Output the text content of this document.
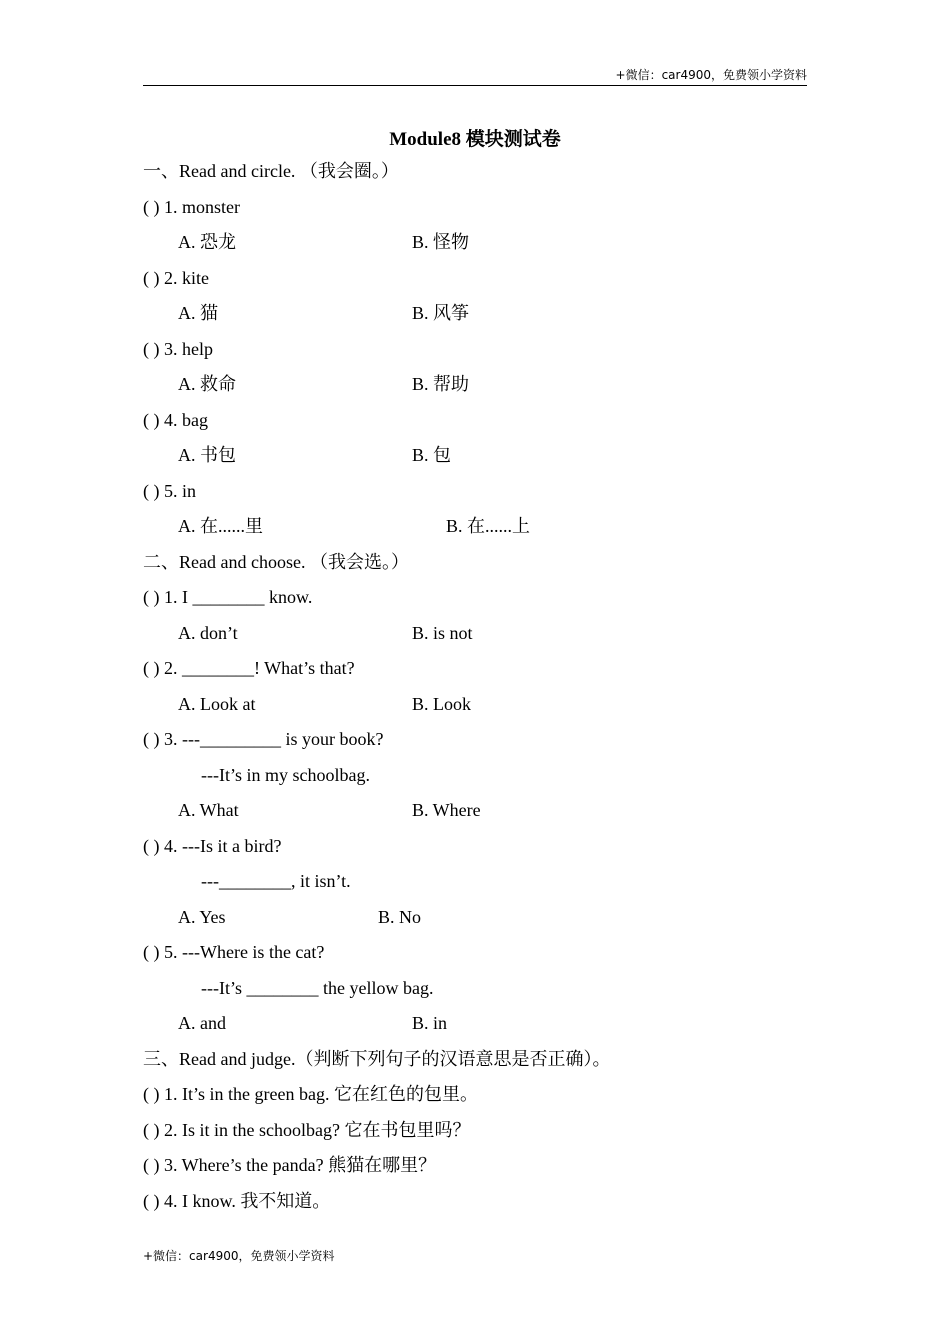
+微信：car4900，免费领小学资料
Module8 模块测试卷
一、Read and circle. （我会圈。）
( ) 1. monster
A. 恐龙	B. 怪物
( ) 2. kite
A. 猫	B. 风筝
( ) 3. help
A. 救命	B. 帮助
( ) 4. bag
A. 书包	B. 包
( ) 5. in
A. 在......里	B. 在......上
二、Read and choose. （我会选。）
( ) 1. I ________ know.
A. don’t	B. is not
( ) 2. ________! What’s that?
A. Look at	B. Look
( ) 3. ---_________ is your book?
---It’s in my schoolbag.
A. What	B. Where
( ) 4. ---Is it a bird?
---________, it isn’t.
A. Yes	B. No
( ) 5. ---Where is the cat?
---It’s ________ the yellow bag.
A. and	B. in
三、Read and judge.（判断下列句子的汉语意思是否正确）。
( ) 1. It’s in the green bag. 它在红色的包里。
( ) 2. Is it in the schoolbag? 它在书包里吗？
( ) 3. Where’s the panda? 熊猫在哪里？
( ) 4. I know. 我不知道。
+微信：car4900，免费领小学资料
